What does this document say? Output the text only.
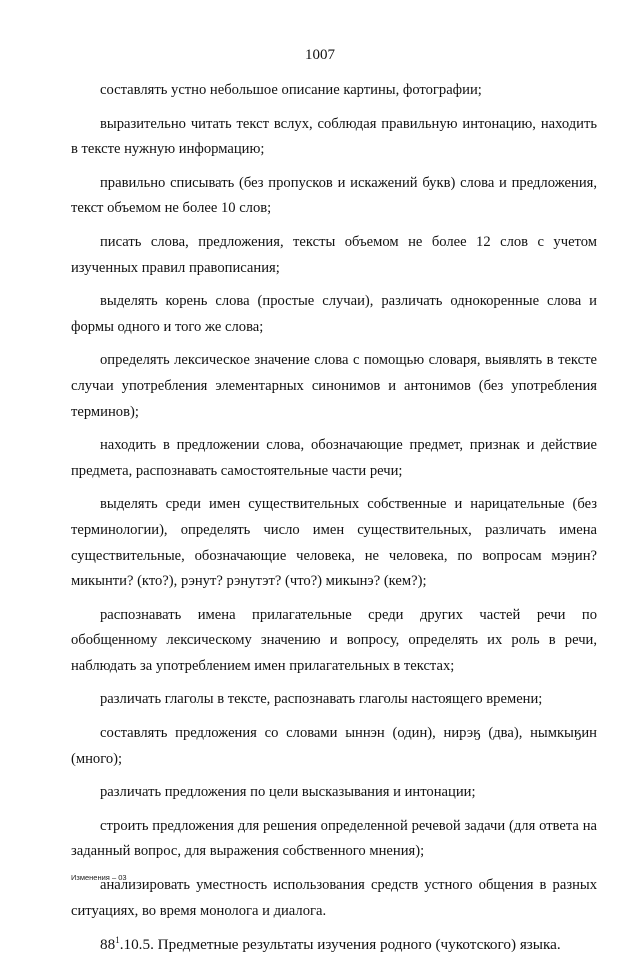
1007

составлять устно небольшое описание картины, фотографии;

выразительно читать текст вслух, соблюдая правильную интонацию, находить в тексте нужную информацию;

правильно списывать (без пропусков и искажений букв) слова и предложения, текст объемом не более 10 слов;

писать слова, предложения, тексты объемом не более 12 слов с учетом изученных правил правописания;

выделять корень слова (простые случаи), различать однокоренные слова и формы одного и того же слова;

определять лексическое значение слова с помощью словаря, выявлять в тексте случаи употребления элементарных синонимов и антонимов (без употребления терминов);

находить в предложении слова, обозначающие предмет, признак и действие предмета, распознавать самостоятельные части речи;

выделять среди имен существительных собственные и нарицательные (без терминологии), определять число имен существительных, различать имена существительные, обозначающие человека, не человека, по вопросам мэӈин? микынти? (кто?), рэнут? рэнутэт? (что?) микынэ? (кем?);

распознавать имена прилагательные среди других частей речи по обобщенному лексическому значению и вопросу, определять их роль в речи, наблюдать за употреблением имен прилагательных в текстах;

различать глаголы в тексте, распознавать глаголы настоящего времени;

составлять предложения со словами ыннэн (один), нирэӄ (два), нымкыӄин (много);

различать предложения по цели высказывания и интонации;

строить предложения для решения определенной речевой задачи (для ответа на заданный вопрос, для выражения собственного мнения);

анализировать уместность использования средств устного общения в разных ситуациях, во время монолога и диалога.

$88^1.10.5$. Предметные результаты изучения родного (чукотского) языка.

Изменения – 03
